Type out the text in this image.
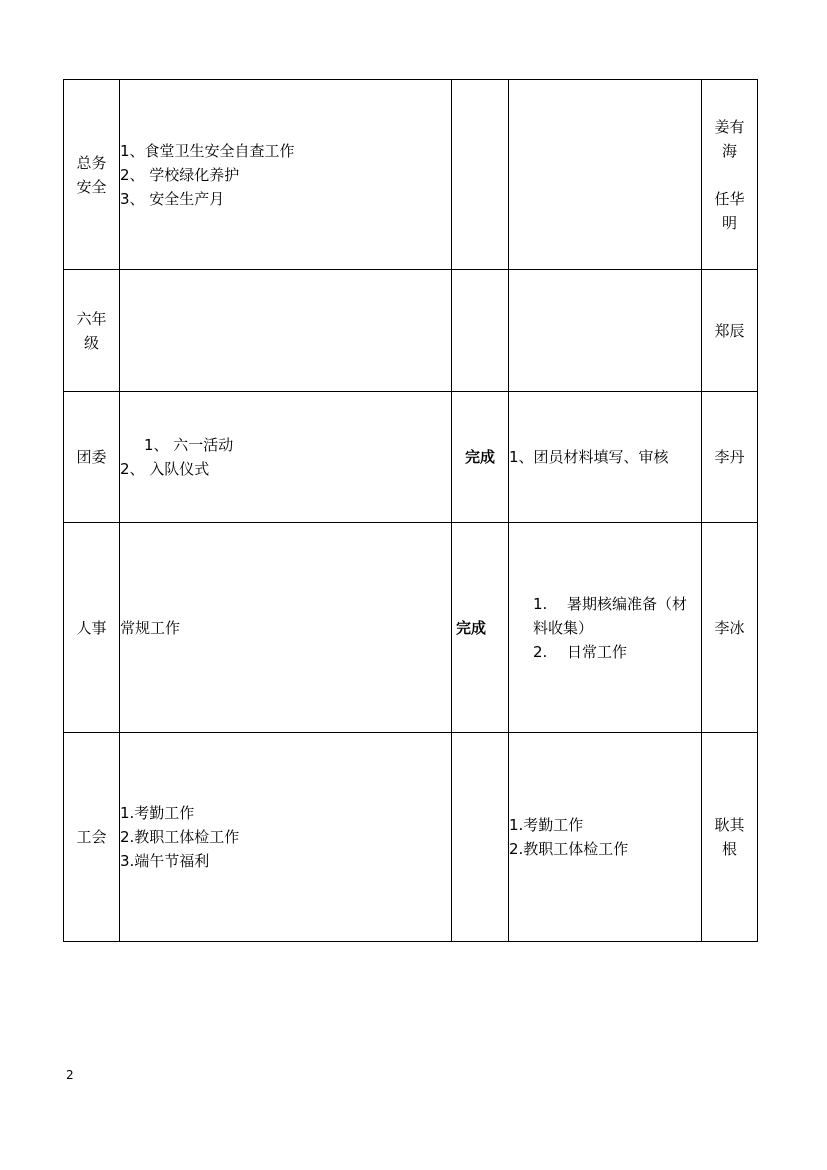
总务
安全	1、食堂卫生安全自查工作
2、 学校绿化养护
3、 安全生产月			姜有
海
任华
明

六年
级				郑辰

团委	1、 六一活动
2、 入队仪式	完成	1、团员材料填写、审核	李丹

人事	常规工作	完成	1. 暑期核编准备（材
料收集）
2. 日常工作	李冰

工会	1.考勤工作
2.教职工体检工作
3.端午节福利		1.考勤工作
2.教职工体检工作	耿其
根
2
